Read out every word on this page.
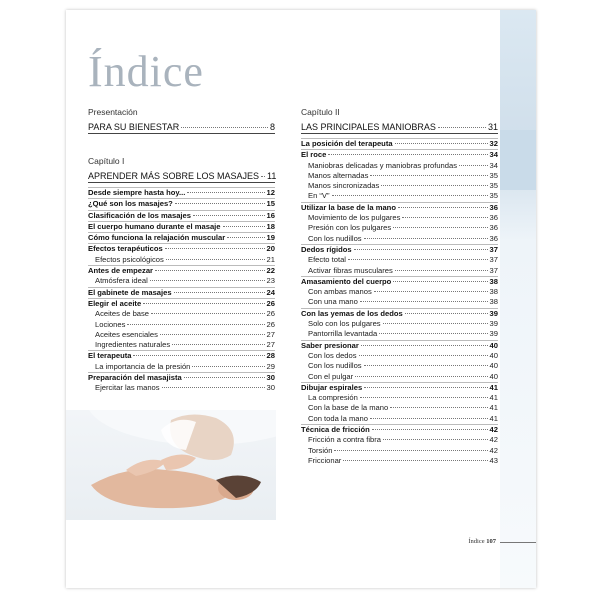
Índice
Presentación
PARA SU BIENESTAR	8
Capítulo I
APRENDER MÁS SOBRE LOS MASAJES 11
Desde siempre hasta hoy...	12
¿Qué son los masajes?	15
Clasificación de los masajes	16
El cuerpo humano durante el masaje	18
Cómo funciona la relajación muscular	19
Efectos terapéuticos	20
Efectos psicológicos	21
Antes de empezar	22
Atmósfera ideal	23
El gabinete de masajes	24
Elegir el aceite	26
Aceites de base	26
Lociones	26
Aceites esenciales	27
Ingredientes naturales	27
El terapeuta	28
La importancia de la presión	29
Preparación del masajista	30
Ejercitar las manos	30
Capítulo II
LAS PRINCIPALES MANIOBRAS	31
La posición del terapeuta	32
El roce	34
Maniobras delicadas y maniobras profundas	34
Manos alternadas	35
Manos sincronizadas	35
En “V”	35
Utilizar la base de la mano	36
Movimiento de los pulgares	36
Presión con los pulgares	36
Con los nudillos	36
Dedos rígidos	37
Efecto total	37
Activar fibras musculares	37
Amasamiento del cuerpo	38
Con ambas manos	38
Con una mano	38
Con las yemas de los dedos	39
Solo con los pulgares	39
Pantorrilla levantada	39
Saber presionar	40
Con los dedos	40
Con los nudillos	40
Con el pulgar	40
Dibujar espirales	41
La compresión	41
Con la base de la mano	41
Con toda la mano	41
Técnica de fricción	42
Fricción a contra fibra	42
Torsión	42
Friccionar	43
Índice 107
